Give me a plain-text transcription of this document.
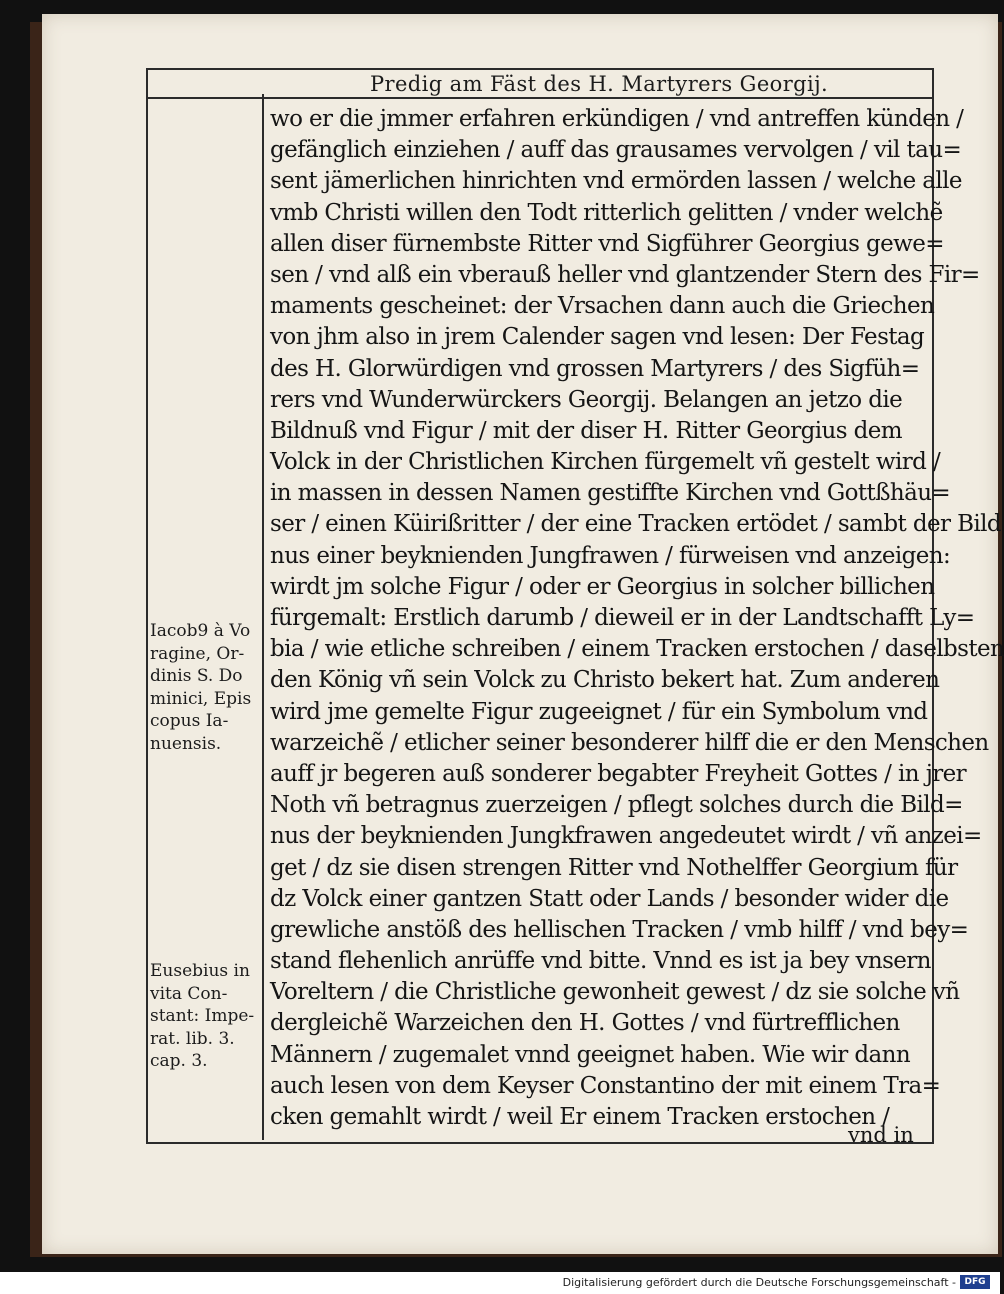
Predig am Fäst des H. Martyrers Georgij.
wo er die jmmer erfahren erkündigen / vnd antreffen künden /
gefänglich einziehen / auff das grausames vervolgen / vil tau=
sent jämerlichen hinrichten vnd ermörden lassen / welche alle
vmb Christi willen den Todt ritterlich gelitten / vnder welchẽ
allen diser fürnembste Ritter vnd Sigführer Georgius gewe=
sen / vnd alß ein vberauß heller vnd glantzender Stern des Fir=
maments gescheinet: der Vrsachen dann auch die Griechen
von jhm also in jrem Calender sagen vnd lesen: Der Festag
des H. Glorwürdigen vnd grossen Martyrers / des Sigfüh=
rers vnd Wunderwürckers Georgij. Belangen an jetzo die
Bildnuß vnd Figur / mit der diser H. Ritter Georgius dem
Volck in der Christlichen Kirchen fürgemelt vñ gestelt wird /
in massen in dessen Namen gestiffte Kirchen vnd Gottßhäu=
ser / einen Küirißritter / der eine Tracken ertödet / sambt der Bild
nus einer beyknienden Jungfrawen / fürweisen vnd anzeigen:
wirdt jm solche Figur / oder er Georgius in solcher billichen
fürgemalt: Erstlich darumb / dieweil er in der Landtschafft Ly=
bia / wie etliche schreiben / einem Tracken erstochen / daselbsten
den König vñ sein Volck zu Christo bekert hat. Zum anderen
wird jme gemelte Figur zugeeignet / für ein Symbolum vnd
warzeichẽ / etlicher seiner besonderer hilff die er den Menschen
auff jr begeren auß sonderer begabter Freyheit Gottes / in jrer
Noth vñ betragnus zuerzeigen / pflegt solches durch die Bild=
nus der beyknienden Jungkfrawen angedeutet wirdt / vñ anzei=
get / dz sie disen strengen Ritter vnd Nothelffer Georgium für
dz Volck einer gantzen Statt oder Lands / besonder wider die
grewliche anstöß des hellischen Tracken / vmb hilff / vnd bey=
stand flehenlich anrüffe vnd bitte. Vnnd es ist ja bey vnsern
Voreltern / die Christliche gewonheit gewest / dz sie solche vñ
dergleichẽ Warzeichen den H. Gottes / vnd fürtrefflichen
Männern / zugemalet vnnd geeignet haben. Wie wir dann
auch lesen von dem Keyser Constantino der mit einem Tra=
cken gemahlt wirdt / weil Er einem Tracken erstochen /
Iacob9 à Vo
ragine, Or-
dinis S. Do
minici, Epis
copus Ia-
nuensis.
Eusebius in
vita Con-
stant: Impe-
rat. lib. 3.
cap. 3.
vnd in
Digitalisierung gefördert durch die Deutsche Forschungsgemeinschaft - DFG
